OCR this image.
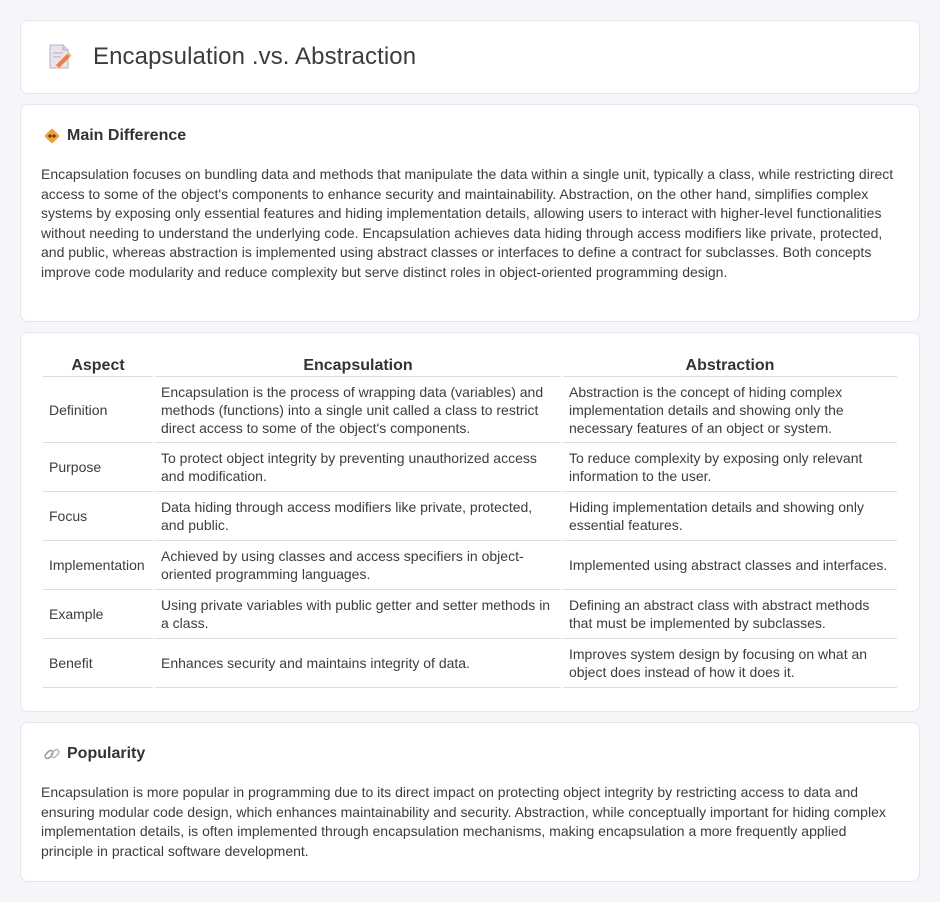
Encapsulation .vs. Abstraction
Main Difference

Encapsulation focuses on bundling data and methods that manipulate the data within a single unit, typically a class, while restricting direct access to some of the object's components to enhance security and maintainability. Abstraction, on the other hand, simplifies complex systems by exposing only essential features and hiding implementation details, allowing users to interact with higher-level functionalities without needing to understand the underlying code. Encapsulation achieves data hiding through access modifiers like private, protected, and public, whereas abstraction is implemented using abstract classes or interfaces to define a contract for subclasses. Both concepts improve code modularity and reduce complexity but serve distinct roles in object-oriented programming design.

Aspect	Encapsulation	Abstraction
Definition	Encapsulation is the process of wrapping data (variables) and methods (functions) into a single unit called a class to restrict direct access to some of the object's components.	Abstraction is the concept of hiding complex implementation details and showing only the necessary features of an object or system.
Purpose	To protect object integrity by preventing unauthorized access and modification.	To reduce complexity by exposing only relevant information to the user.
Focus	Data hiding through access modifiers like private, protected, and public.	Hiding implementation details and showing only essential features.
Implementation	Achieved by using classes and access specifiers in object-oriented programming languages.	Implemented using abstract classes and interfaces.
Example	Using private variables with public getter and setter methods in a class.	Defining an abstract class with abstract methods that must be implemented by subclasses.
Benefit	Enhances security and maintains integrity of data.	Improves system design by focusing on what an object does instead of how it does it.
Popularity

Encapsulation is more popular in programming due to its direct impact on protecting object integrity by restricting access to data and ensuring modular code design, which enhances maintainability and security. Abstraction, while conceptually important for hiding complex implementation details, is often implemented through encapsulation mechanisms, making encapsulation a more frequently applied principle in practical software development.
